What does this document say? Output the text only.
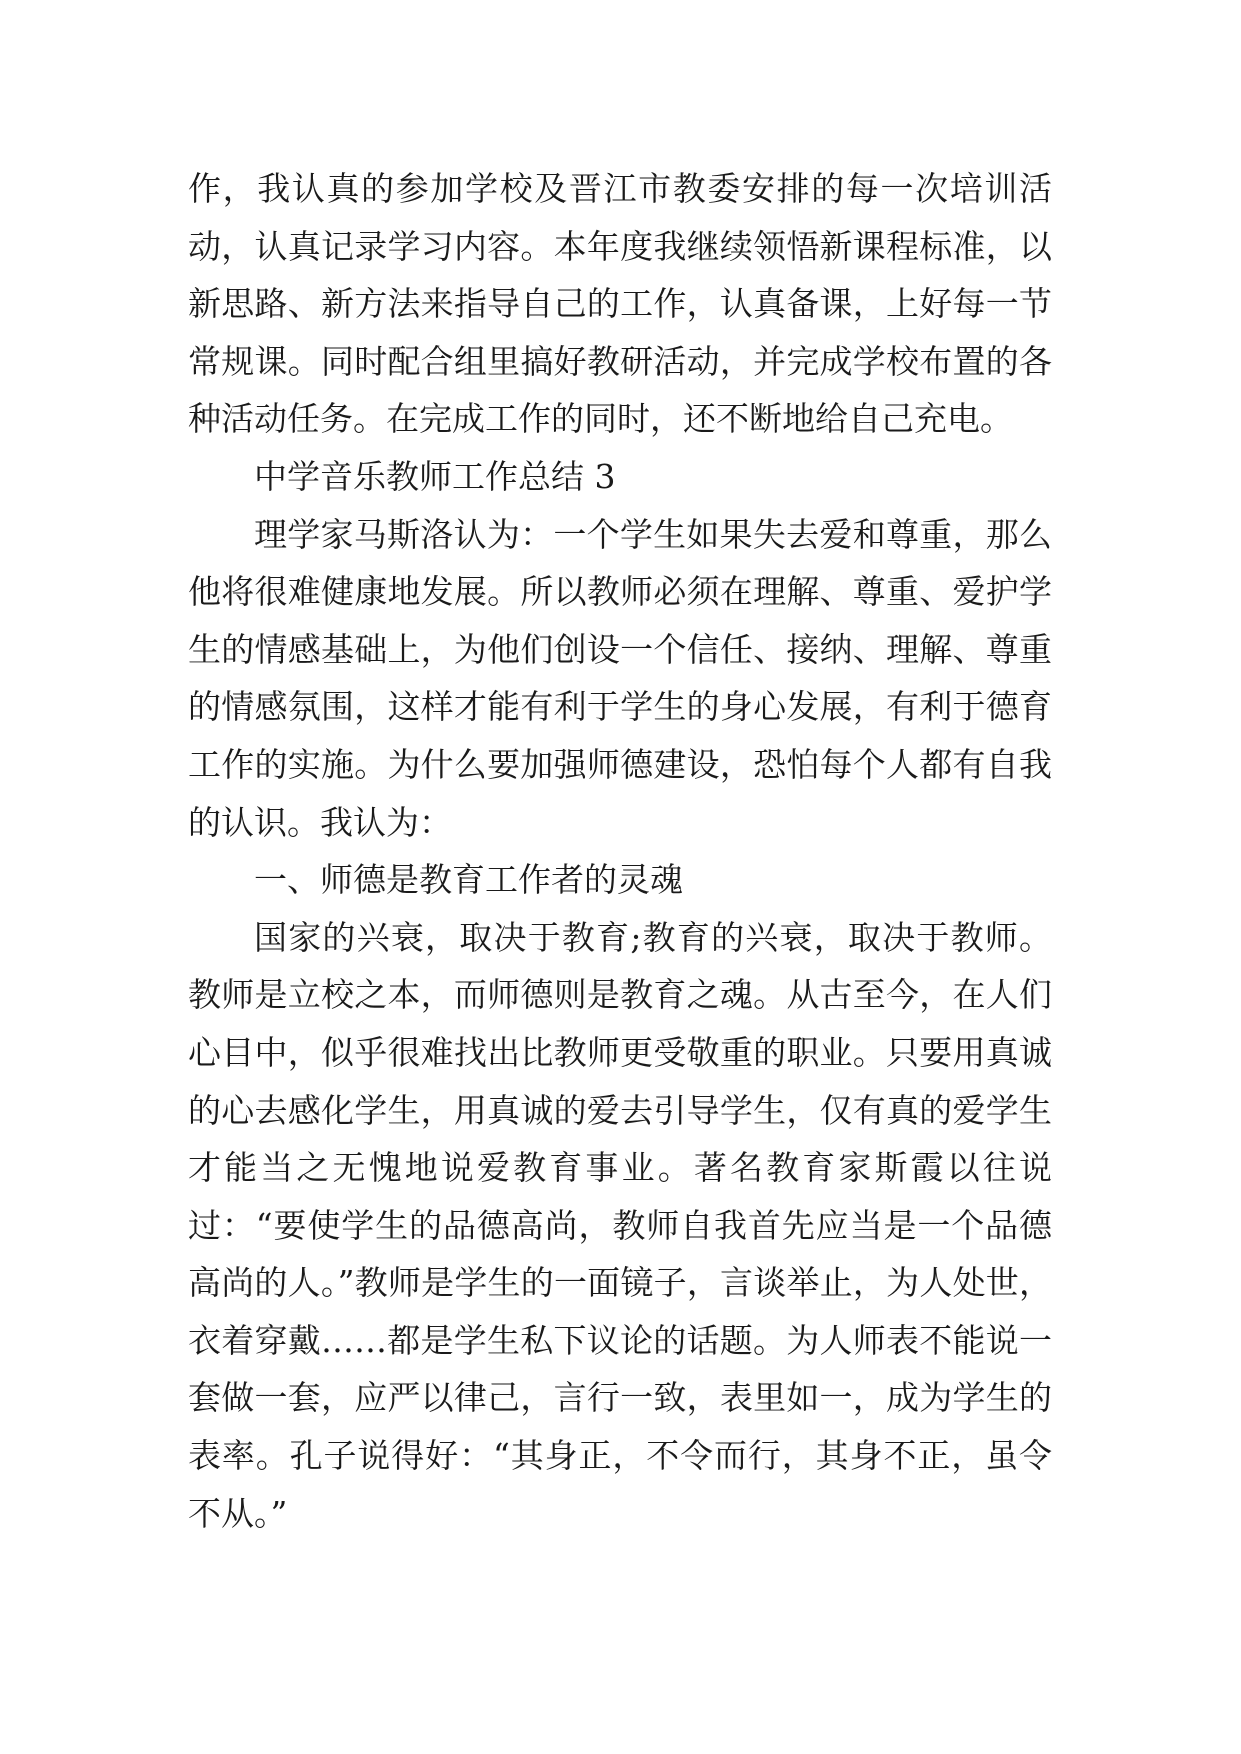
作，我认真的参加学校及晋江市教委安排的每一次培训活动，认真记录学习内容。本年度我继续领悟新课程标准，以新思路、新方法来指导自己的工作，认真备课，上好每一节常规课。同时配合组里搞好教研活动，并完成学校布置的各种活动任务。在完成工作的同时，还不断地给自己充电。

中学音乐教师工作总结 3

理学家马斯洛认为：一个学生如果失去爱和尊重，那么他将很难健康地发展。所以教师必须在理解、尊重、爱护学生的情感基础上，为他们创设一个信任、接纳、理解、尊重的情感氛围，这样才能有利于学生的身心发展，有利于德育工作的实施。为什么要加强师德建设，恐怕每个人都有自我的认识。我认为：

一、师德是教育工作者的灵魂

国家的兴衰，取决于教育;教育的兴衰，取决于教师。教师是立校之本，而师德则是教育之魂。从古至今，在人们心目中，似乎很难找出比教师更受敬重的职业。只要用真诚的心去感化学生，用真诚的爱去引导学生，仅有真的爱学生才能当之无愧地说爱教育事业。著名教育家斯霞以往说过：“要使学生的品德高尚，教师自我首先应当是一个品德高尚的人。”教师是学生的一面镜子，言谈举止，为人处世，衣着穿戴……都是学生私下议论的话题。为人师表不能说一套做一套，应严以律己，言行一致，表里如一，成为学生的表率。孔子说得好：“其身正，不令而行，其身不正，虽令不从。”
